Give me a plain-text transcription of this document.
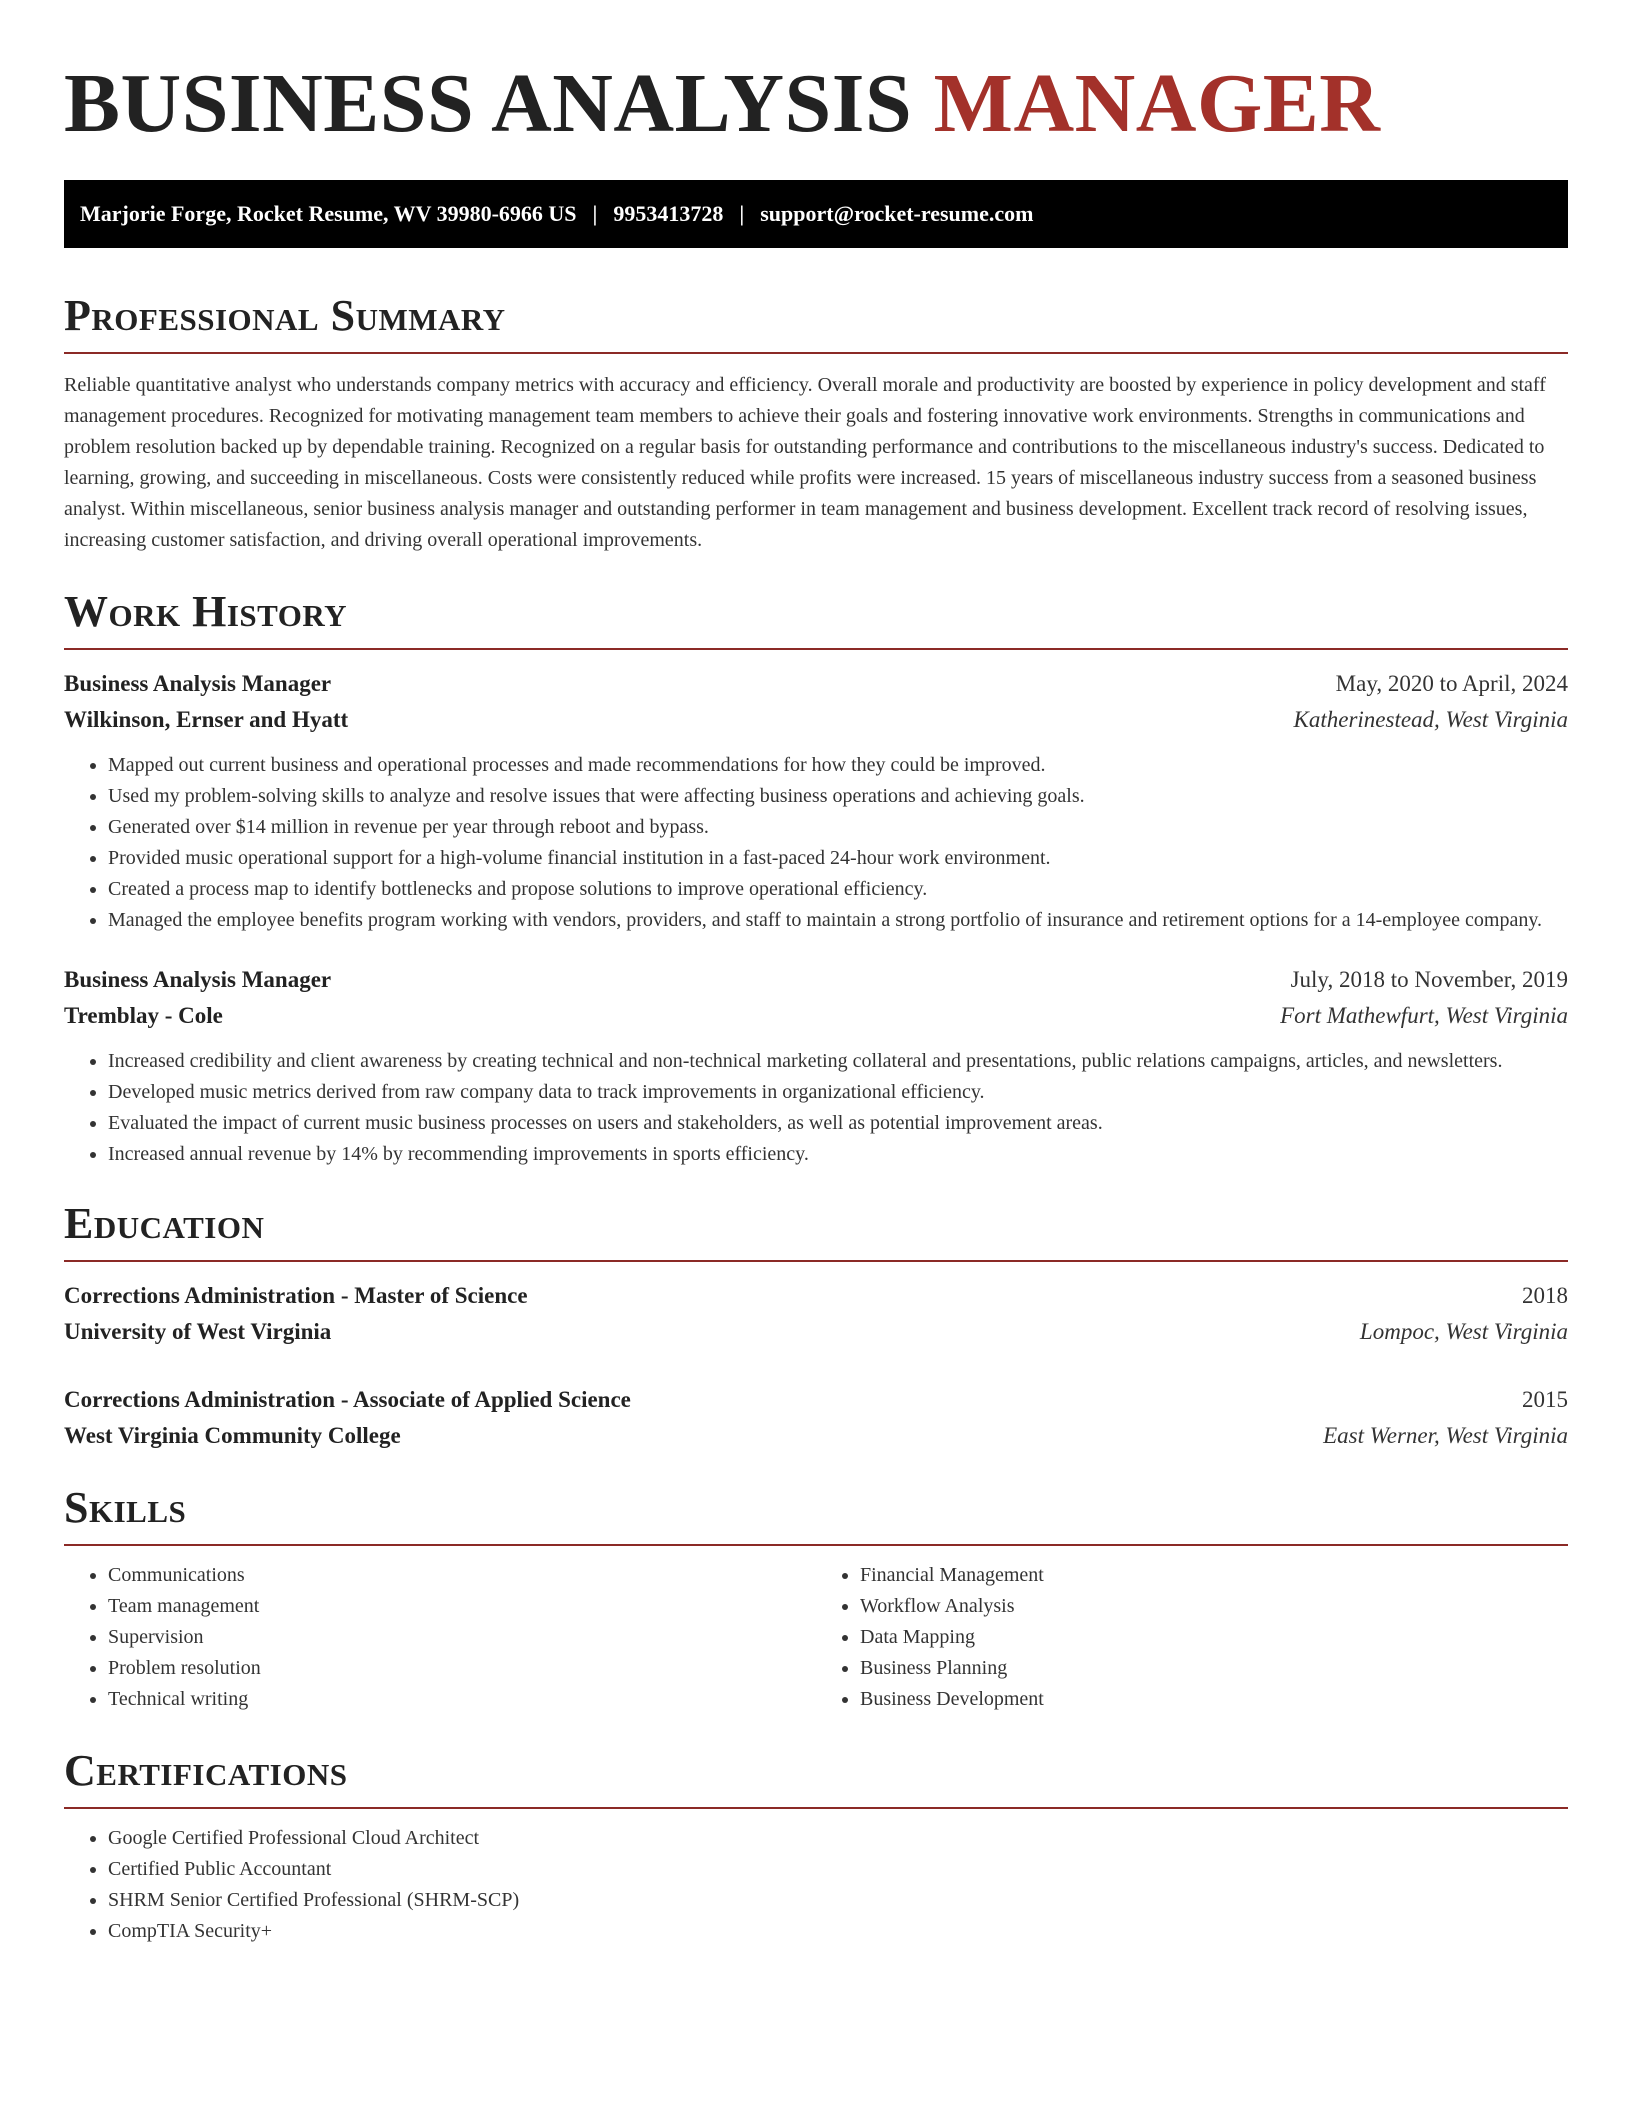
BUSINESS ANALYSIS MANAGER
Marjorie Forge, Rocket Resume, WV 39980-6966 US | 9953413728 | support@rocket-resume.com
Professional Summary

Reliable quantitative analyst who understands company metrics with accuracy and efficiency. Overall morale and productivity are boosted by experience in policy development and staff management procedures. Recognized for motivating management team members to achieve their goals and fostering innovative work environments. Strengths in communications and problem resolution backed up by dependable training. Recognized on a regular basis for outstanding performance and contributions to the miscellaneous industry's success. Dedicated to learning, growing, and succeeding in miscellaneous. Costs were consistently reduced while profits were increased. 15 years of miscellaneous industry success from a seasoned business analyst. Within miscellaneous, senior business analysis manager and outstanding performer in team management and business development. Excellent track record of resolving issues, increasing customer satisfaction, and driving overall operational improvements.

Work History
Business Analysis Manager	May, 2020 to April, 2024
Wilkinson, Ernser and Hyatt	Katherinestead, West Virginia
• Mapped out current business and operational processes and made recommendations for how they could be improved.
• Used my problem-solving skills to analyze and resolve issues that were affecting business operations and achieving goals.
• Generated over $14 million in revenue per year through reboot and bypass.
• Provided music operational support for a high-volume financial institution in a fast-paced 24-hour work environment.
• Created a process map to identify bottlenecks and propose solutions to improve operational efficiency.
• Managed the employee benefits program working with vendors, providers, and staff to maintain a strong portfolio of insurance and retirement options for a 14-employee company.
Business Analysis Manager	July, 2018 to November, 2019
Tremblay - Cole	Fort Mathewfurt, West Virginia
• Increased credibility and client awareness by creating technical and non-technical marketing collateral and presentations, public relations campaigns, articles, and newsletters.
• Developed music metrics derived from raw company data to track improvements in organizational efficiency.
• Evaluated the impact of current music business processes on users and stakeholders, as well as potential improvement areas.
• Increased annual revenue by 14% by recommending improvements in sports efficiency.
Education
Corrections Administration - Master of Science	2018
University of West Virginia	Lompoc, West Virginia
Corrections Administration - Associate of Applied Science	2015
West Virginia Community College	East Werner, West Virginia
Skills
• Communications
• Team management
• Supervision
• Problem resolution
• Technical writing
• Financial Management
• Workflow Analysis
• Data Mapping
• Business Planning
• Business Development
Certifications
• Google Certified Professional Cloud Architect
• Certified Public Accountant
• SHRM Senior Certified Professional (SHRM-SCP)
• CompTIA Security+
